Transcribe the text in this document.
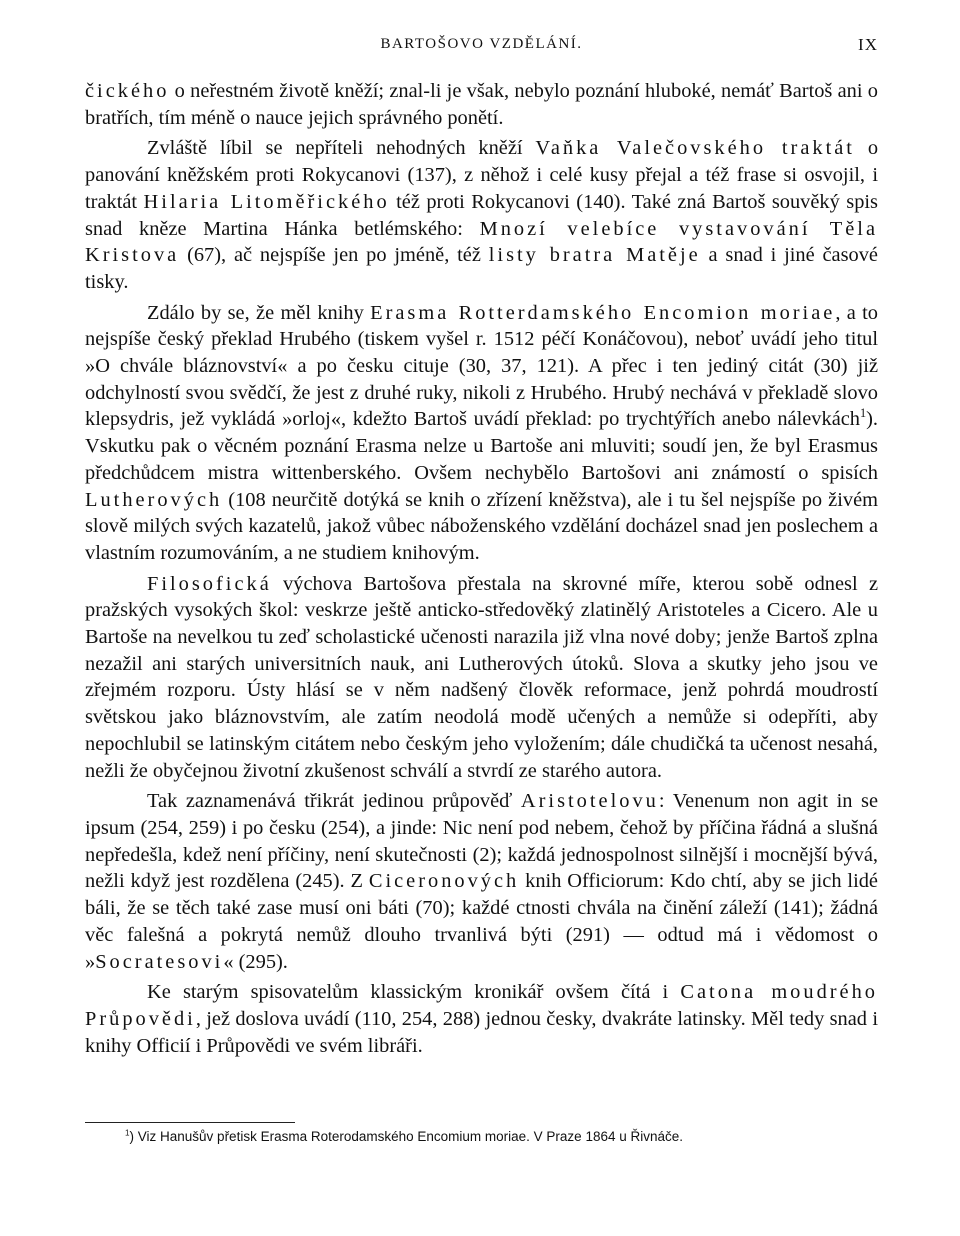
BARTOŠOVO VZDĚLÁNÍ.	IX

čického o neřestném životě kněží; znal-li je však, nebylo poznání hluboké, nemáť Bartoš ani o bratřích, tím méně o nauce jejich správného ponětí.

Zvláště líbil se nepříteli nehodných kněží Vaňka Valečovského traktát o panování kněžském proti Rokycanovi (137), z něhož i celé kusy přejal a též frase si osvojil, i traktát Hilaria Litoměřického též proti Rokycanovi (140). Také zná Bartoš souvěký spis snad kněze Martina Hánka betlémského: Mnozí velebíce vystavování Těla Kristova (67), ač nejspíše jen po jméně, též listy bratra Matěje a snad i jiné časové tisky.

Zdálo by se, že měl knihy Erasma Rotterdamského Encomion moriae, a to nejspíše český překlad Hrubého (tiskem vyšel r. 1512 péčí Konáčovou), neboť uvádí jeho titul »O chvále bláznovství« a po česku cituje (30, 37, 121). A přec i ten jediný citát (30) již odchylností svou svědčí, že jest z druhé ruky, nikoli z Hrubého. Hrubý nechává v překladě slovo klepsydris, jež vykládá »orloj«, kdežto Bartoš uvádí překlad: po trychtýřích anebo nálevkách$^1$). Vskutku pak o věcném poznání Erasma nelze u Bartoše ani mluviti; soudí jen, že byl Erasmus předchůdcem mistra wittenberského. Ovšem nechybělo Bartošovi ani známostí o spisích Lutherových (108 neurčitě dotýká se knih o zřízení kněžstva), ale i tu šel nejspíše po živém slově milých svých kazatelů, jakož vůbec náboženského vzdělání docházel snad jen poslechem a vlastním rozumováním, a ne studiem knihovým.

Filosofická výchova Bartošova přestala na skrovné míře, kterou sobě odnesl z pražských vysokých škol: veskrze ještě anticko-středověký zlatinělý Aristoteles a Cicero. Ale u Bartoše na nevelkou tu zeď scholastické učenosti narazila již vlna nové doby; jenže Bartoš zplna nezažil ani starých universitních nauk, ani Lutherových útoků. Slova a skutky jeho jsou ve zřejmém rozporu. Ústy hlásí se v něm nadšený člověk reformace, jenž pohrdá moudrostí světskou jako bláznovstvím, ale zatím neodolá modě učených a nemůže si odepříti, aby nepochlubil se latinským citátem nebo českým jeho vyložením; dále chudičká ta učenost nesahá, nežli že obyčejnou životní zkušenost schválí a stvrdí ze starého autora.

Tak zaznamenává třikrát jedinou průpověď Aristotelovu: Venenum non agit in se ipsum (254, 259) i po česku (254), a jinde: Nic není pod nebem, čehož by příčina řádná a slušná nepředešla, kdež není příčiny, není skutečnosti (2); každá jednospolnost silnější i mocnější bývá, nežli když jest rozdělena (245). Z Ciceronových knih Officiorum: Kdo chtí, aby se jich lidé báli, že se těch také zase musí oni báti (70); každé ctnosti chvála na činění záleží (141); žádná věc falešná a pokrytá nemůž dlouho trvanlivá býti (291) — odtud má i vědomost o »Socratesovi« (295).

Ke starým spisovatelům klassickým kronikář ovšem čítá i Catona moudrého Průpovědi, jež doslova uvádí (110, 254, 288) jednou česky, dvakráte latinsky. Měl tedy snad i knihy Officií i Průpovědi ve svém libráři.

$^1$) Viz Hanušův přetisk Erasma Roterodamského Encomium moriae. V Praze 1864 u Řivnáče.
